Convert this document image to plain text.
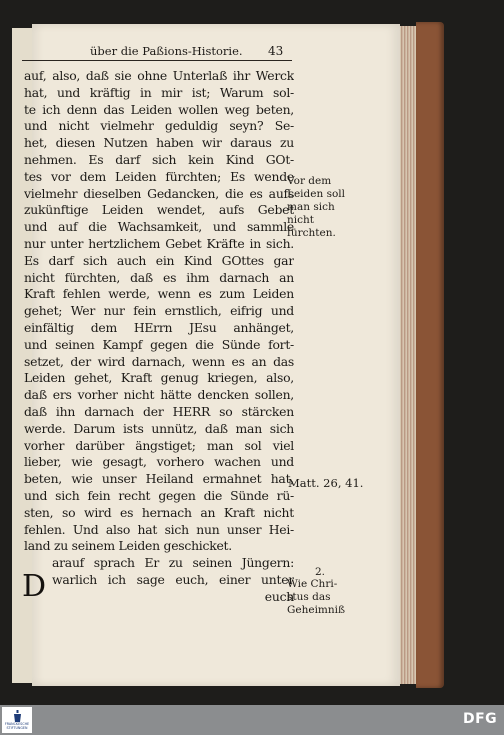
über die Paßions-Historie. 43
auf, also, daß sie ohne Unterlaß ihr Werck
hat, und kräftig in mir ist; Warum sol-
te ich denn das Leiden wollen weg beten,
und nicht vielmehr geduldig seyn? Se-
het, diesen Nutzen haben wir daraus zu
nehmen. Es darf sich kein Kind GOt-
tes vor dem Leiden fürchten; Es wende
vielmehr dieselben Gedancken, die es aufs
zukünftige Leiden wendet, aufs Gebet
und auf die Wachsamkeit, und sammle
nur unter hertzlichem Gebet Kräfte in sich.
Es darf sich auch ein Kind GOttes gar
nicht fürchten, daß es ihm darnach an
Kraft fehlen werde, wenn es zum Leiden
gehet; Wer nur fein ernstlich, eifrig und
einfältig dem HErrn JEsu anhänget,
und seinen Kampf gegen die Sünde fort-
setzet, der wird darnach, wenn es an das
Leiden gehet, Kraft genug kriegen, also,
daß ers vorher nicht hätte dencken sollen,
daß ihn darnach der HERR so stärcken
werde. Darum ists unnütz, daß man sich
vorher darüber ängstiget; man sol viel
lieber, wie gesagt, vorhero wachen und
beten, wie unser Heiland ermahnet hat,
und sich fein recht gegen die Sünde rü-
sten, so wird es hernach an Kraft nicht
fehlen. Und also hat sich nun unser Hei-
land zu seinem Leiden geschicket.
arauf sprach Er zu seinen Jüngern:
warlich ich sage euch, einer unter
euch
D
Vor dem
Leiden soll
man sich
nicht
fürchten.
Matt. 26, 41.
2.
Wie Chri-
stus das
Geheimniß
FRANCKESCHE STIFTUNGEN
DFG
